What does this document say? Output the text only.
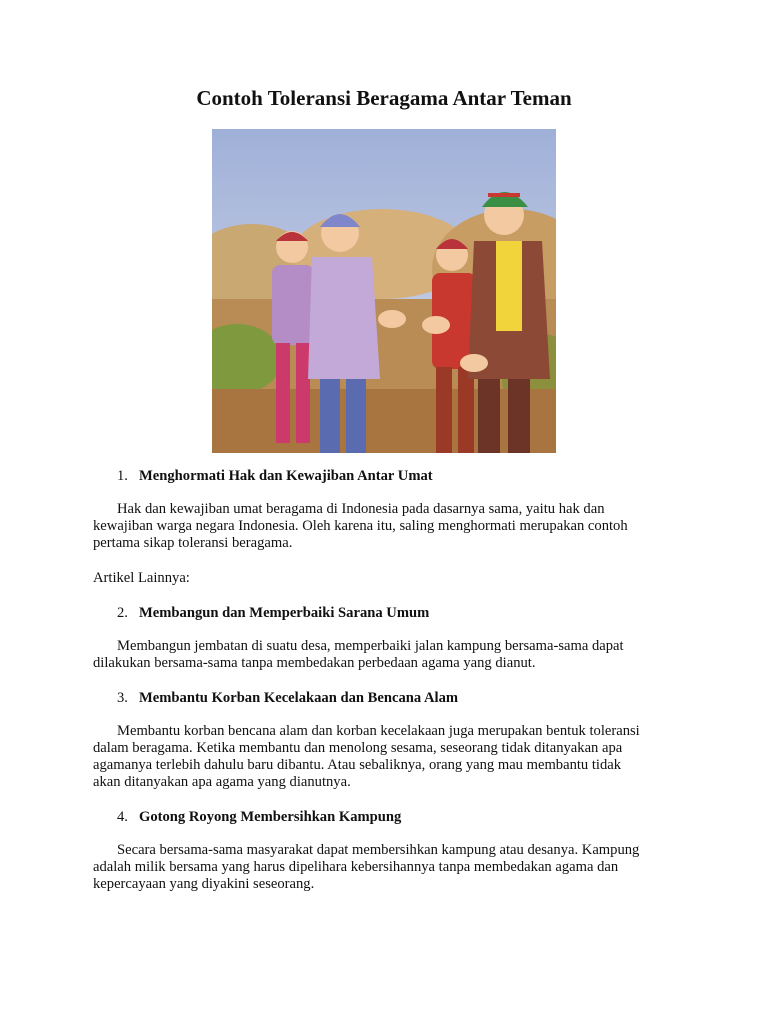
Contoh Toleransi Beragama Antar Teman

1. Menghormati Hak dan Kewajiban Antar Umat

Hak dan kewajiban umat beragama di Indonesia pada dasarnya sama, yaitu hak dan
kewajiban warga negara Indonesia. Oleh karena itu, saling menghormati merupakan contoh
pertama sikap toleransi beragama.

Artikel Lainnya:

2. Membangun dan Memperbaiki Sarana Umum

Membangun jembatan di suatu desa, memperbaiki jalan kampung bersama-sama dapat
dilakukan bersama-sama tanpa membedakan perbedaan agama yang dianut.

3. Membantu Korban Kecelakaan dan Bencana Alam

Membantu korban bencana alam dan korban kecelakaan juga merupakan bentuk toleransi
dalam beragama. Ketika membantu dan menolong sesama, seseorang tidak ditanyakan apa
agamanya terlebih dahulu baru dibantu. Atau sebaliknya, orang yang mau membantu tidak
akan ditanyakan apa agama yang dianutnya.

4. Gotong Royong Membersihkan Kampung

Secara bersama-sama masyarakat dapat membersihkan kampung atau desanya. Kampung
adalah milik bersama yang harus dipelihara kebersihannya tanpa membedakan agama dan
kepercayaan yang diyakini seseorang.
